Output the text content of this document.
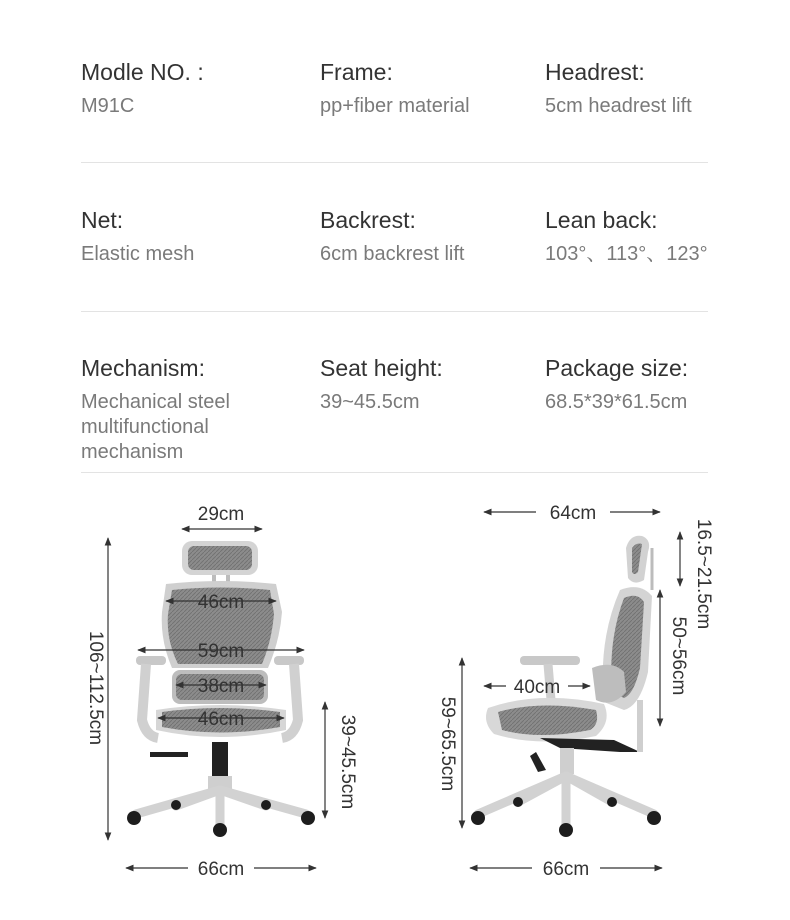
Modle NO. :
M91C
Frame:
pp+fiber material
Headrest:
5cm headrest lift
Net:
Elastic mesh
Backrest:
6cm backrest lift
Lean back:
103°、113°、123°
Mechanism:
Mechanical steel multifunctional mechanism
Seat height:
39~45.5cm
Package size:
68.5*39*61.5cm
29cm
46cm
59cm
38cm
46cm
106~112.5cm
39~45.5cm
66cm
64cm
16.5~21.5cm
50~56cm
40cm
59~65.5cm
66cm
